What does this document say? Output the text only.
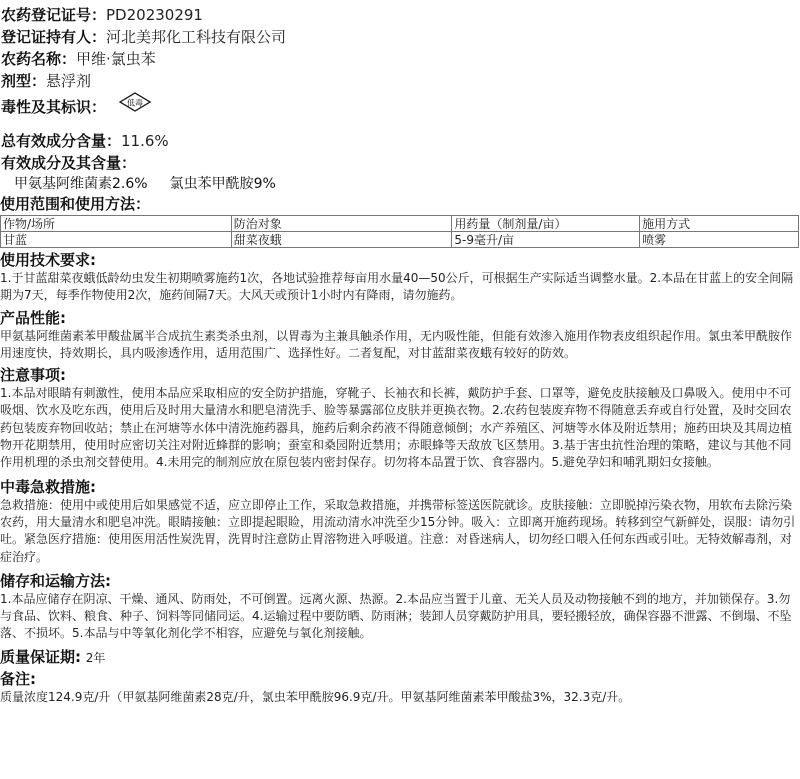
农药登记证号：PD20230291
登记证持有人：河北美邦化工科技有限公司
农药名称：甲维·氯虫苯
剂型：悬浮剂
毒性及其标识：	低毒
总有效成分含量：11.6%
有效成分及其含量：
甲氨基阿维菌素2.6% 氯虫苯甲酰胺9%
使用范围和使用方法：
作物/场所	防治对象	用药量（制剂量/亩）	施用方式
甘蓝	甜菜夜蛾	5-9毫升/亩	喷雾
使用技术要求:
1.于甘蓝甜菜夜蛾低龄幼虫发生初期喷雾施药1次，各地试验推荐每亩用水量40—50公斤，可根据生产实际适当调整水量。2.本品在甘蓝上的安全间隔期为7天，每季作物使用2次，施药间隔7天。大风天或预计1小时内有降雨，请勿施药。
产品性能:
甲氨基阿维菌素苯甲酸盐属半合成抗生素类杀虫剂，以胃毒为主兼具触杀作用，无内吸性能，但能有效渗入施用作物表皮组织起作用。氯虫苯甲酰胺作用速度快，持效期长，具内吸渗透作用，适用范围广、选择性好。二者复配，对甘蓝甜菜夜蛾有较好的防效。
注意事项:
1.本品对眼睛有刺激性，使用本品应采取相应的安全防护措施，穿靴子、长袖衣和长裤，戴防护手套、口罩等，避免皮肤接触及口鼻吸入。使用中不可吸烟、饮水及吃东西，使用后及时用大量清水和肥皂清洗手、脸等暴露部位皮肤并更换衣物。2.农药包装废弃物不得随意丢弃或自行处置，及时交回农药包装废弃物回收站；禁止在河塘等水体中清洗施药器具，施药后剩余药液不得随意倾倒；水产养殖区、河塘等水体及附近禁用；施药田块及其周边植物开花期禁用，使用时应密切关注对附近蜂群的影响；蚕室和桑园附近禁用；赤眼蜂等天敌放飞区禁用。3.基于害虫抗性治理的策略，建议与其他不同作用机理的杀虫剂交替使用。4.未用完的制剂应放在原包装内密封保存。切勿将本品置于饮、食容器内。5.避免孕妇和哺乳期妇女接触。
中毒急救措施:
急救措施：使用中或使用后如果感觉不适，应立即停止工作，采取急救措施，并携带标签送医院就诊。皮肤接触：立即脱掉污染衣物，用软布去除污染农药，用大量清水和肥皂冲洗。眼睛接触：立即提起眼睑，用流动清水冲洗至少15分钟。吸入：立即离开施药现场。转移到空气新鲜处，误服：请勿引吐。紧急医疗措施：使用医用活性炭洗胃，洗胃时注意防止胃溶物进入呼吸道。注意：对昏迷病人，切勿经口喂入任何东西或引吐。无特效解毒剂，对症治疗。
储存和运输方法:
1.本品应储存在阴凉、干燥、通风、防雨处，不可倒置。远离火源、热源。2.本品应当置于儿童、无关人员及动物接触不到的地方，并加锁保存。3.勿与食品、饮料、粮食、种子、饲料等同储同运。4.运输过程中要防晒、防雨淋；装卸人员穿戴防护用具，要轻搬轻放，确保容器不泄露、不倒塌、不坠落、不损坏。5.本品与中等氧化剂化学不相容，应避免与氧化剂接触。
质量保证期: 2年
备注:
质量浓度124.9克/升（甲氨基阿维菌素28克/升，氯虫苯甲酰胺96.9克/升。甲氨基阿维菌素苯甲酸盐3%，32.3克/升。
